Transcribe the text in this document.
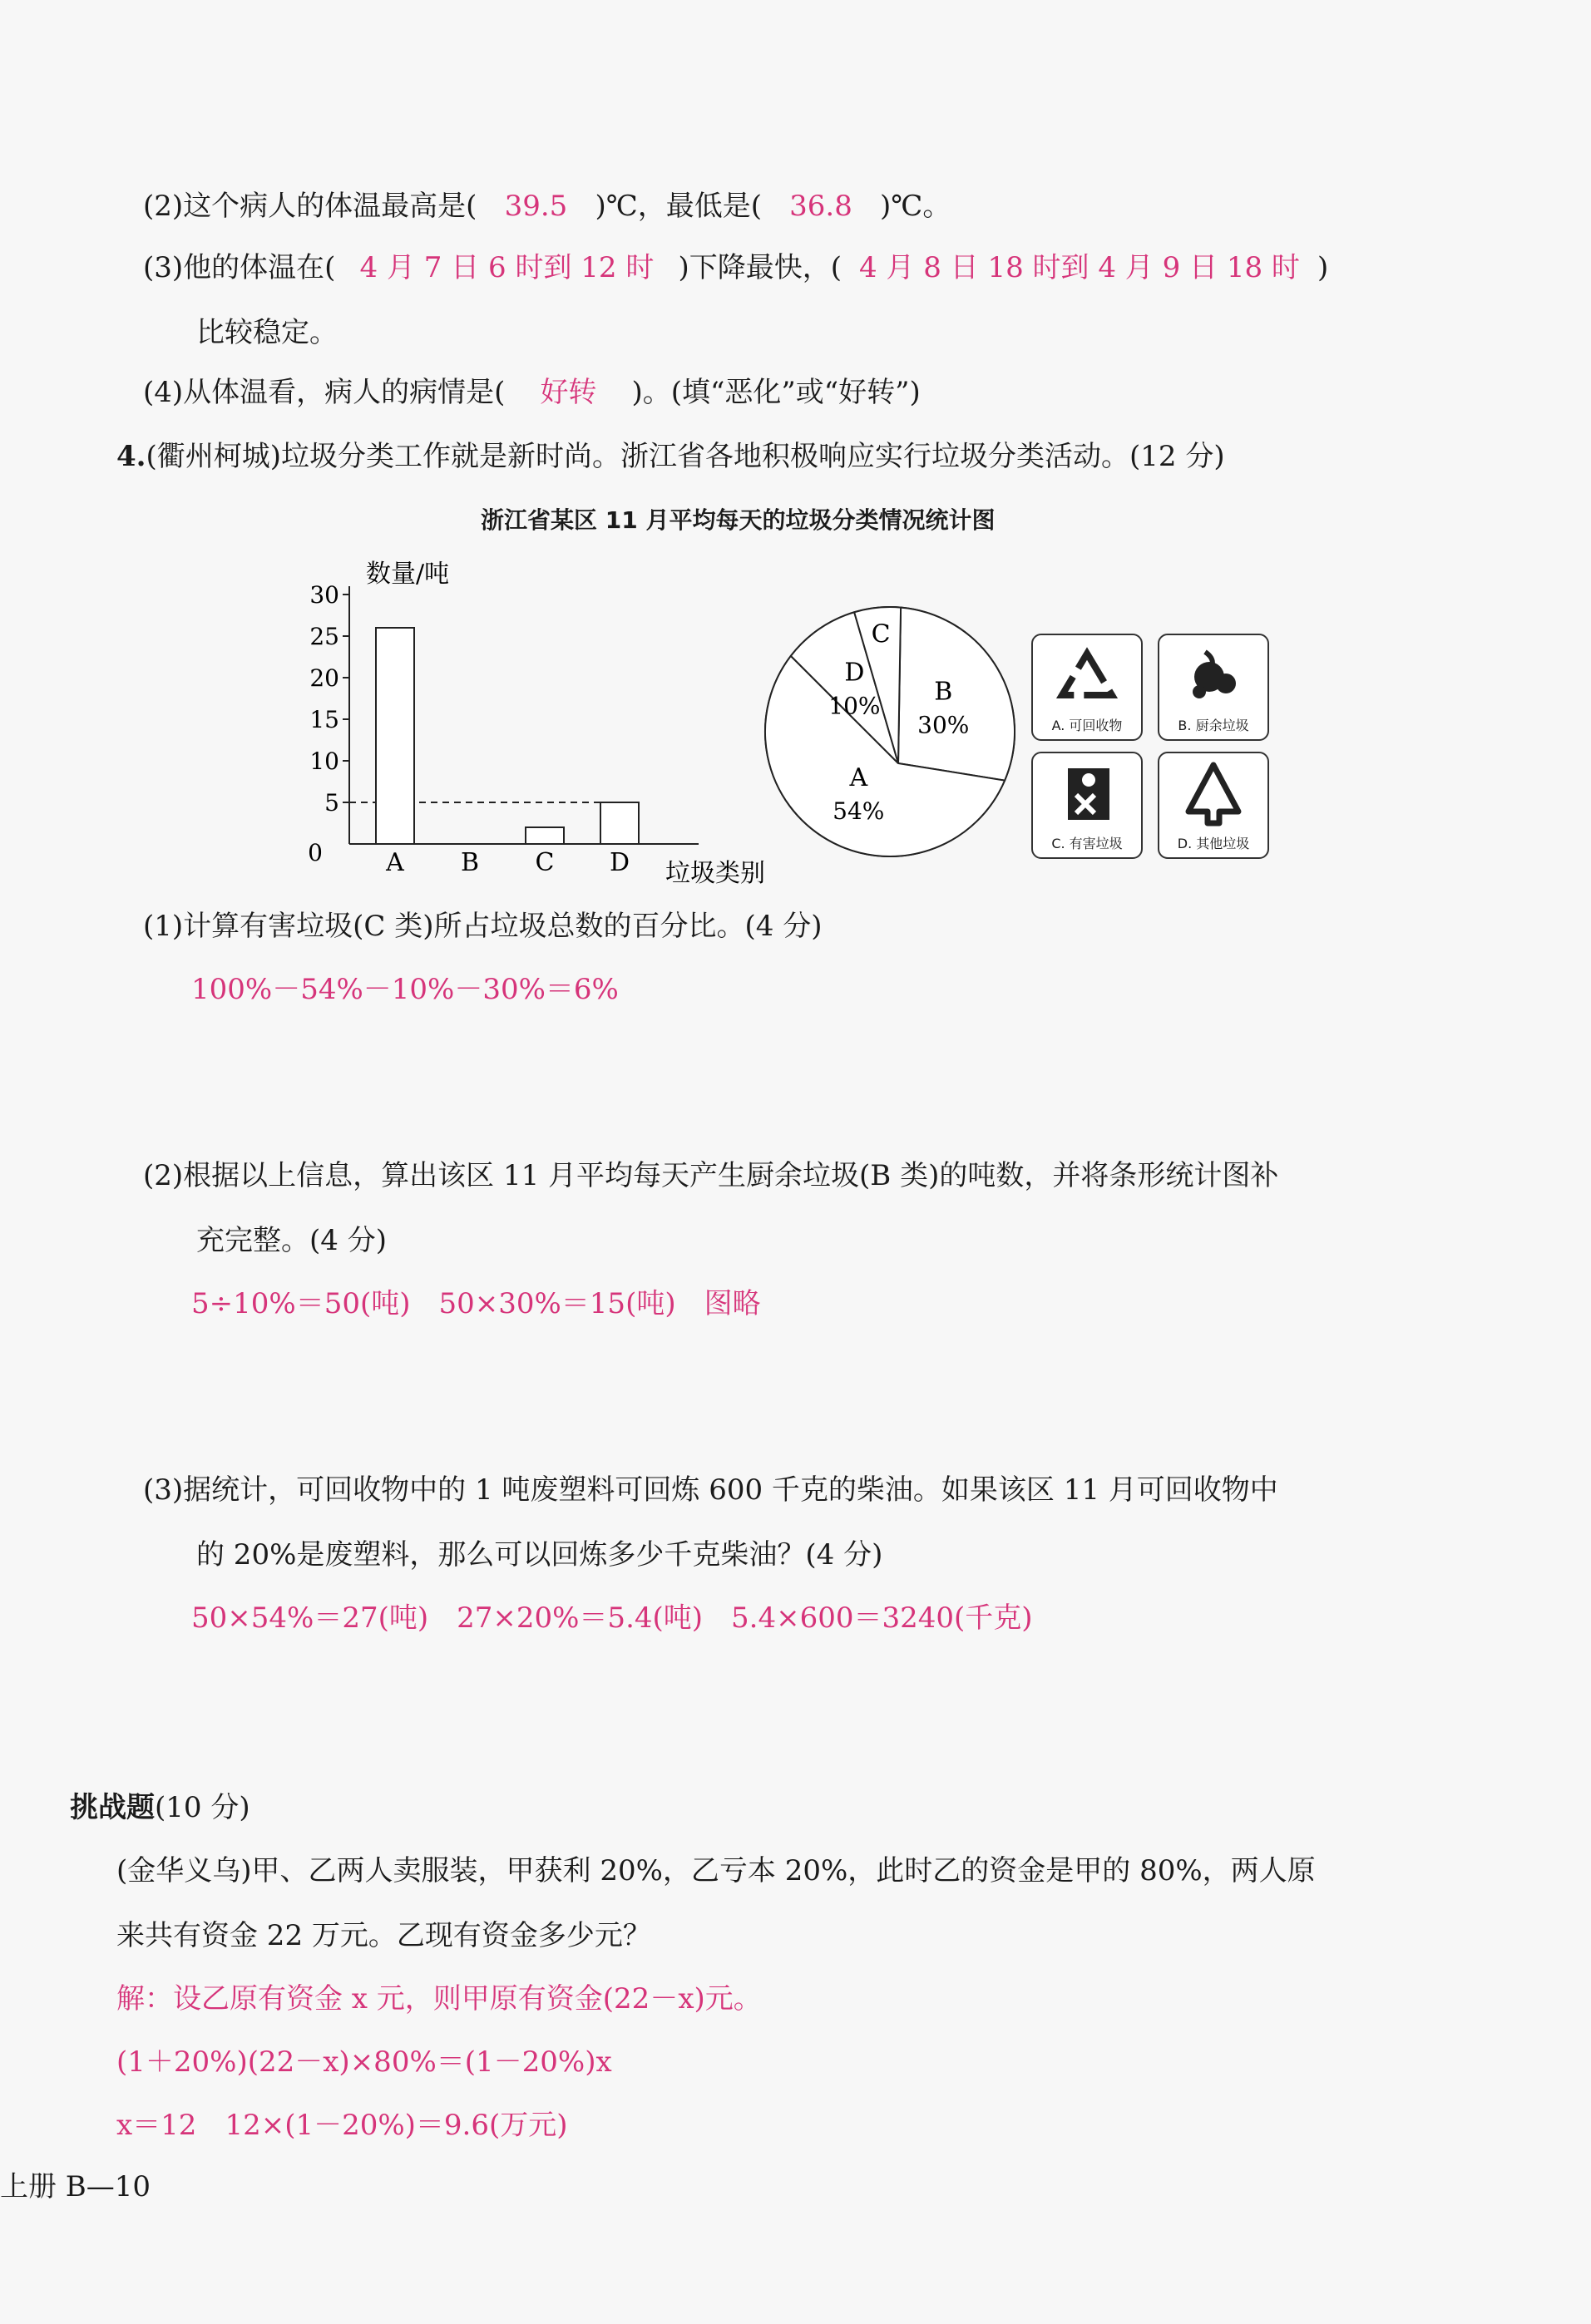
(2)这个病人的体温最高是( 39.5 )℃，最低是( 36.8 )℃。
(3)他的体温在( 4 月 7 日 6 时到 12 时 )下降最快，( 4 月 8 日 18 时到 4 月 9 日 18 时 )
比较稳定。
(4)从体温看，病人的病情是( 好转 )。(填“恶化”或“好转”)
4.(衢州柯城)垃圾分类工作就是新时尚。浙江省各地积极响应实行垃圾分类活动。(12 分)
浙江省某区 11 月平均每天的垃圾分类情况统计图
数量/吨
垃圾类别
0
5
10
15
20
25
30
A B C D
B
30%
A
54%
D
10%
C
A. 可回收物	B. 厨余垃圾
C. 有害垃圾	D. 其他垃圾
(1)计算有害垃圾(C 类)所占垃圾总数的百分比。(4 分)
100%－54%－10%－30%＝6%
(2)根据以上信息，算出该区 11 月平均每天产生厨余垃圾(B 类)的吨数，并将条形统计图补
充完整。(4 分)
5÷10%＝50(吨)　50×30%＝15(吨)　图略
(3)据统计，可回收物中的 1 吨废塑料可回炼 600 千克的柴油。如果该区 11 月可回收物中
的 20%是废塑料，那么可以回炼多少千克柴油？(4 分)
50×54%＝27(吨)　27×20%＝5.4(吨)　5.4×600＝3240(千克)
挑战题(10 分)
(金华义乌)甲、乙两人卖服装，甲获利 20%，乙亏本 20%，此时乙的资金是甲的 80%，两人原
来共有资金 22 万元。乙现有资金多少元？
解：设乙原有资金 x 元，则甲原有资金(22－x)元。
(1＋20%)(22－x)×80%＝(1－20%)x
x＝12　12×(1－20%)＝9.6(万元)
上册 B—10
